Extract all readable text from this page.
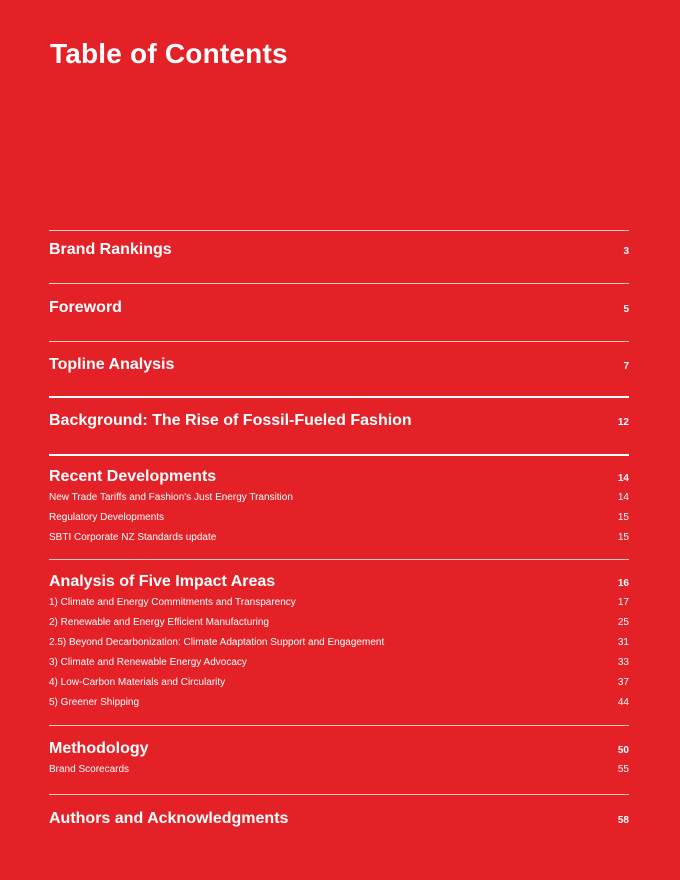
Table of Contents
Brand Rankings	3
Foreword	5
Topline Analysis	7
Background: The Rise of Fossil-Fueled Fashion	12
Recent Developments	14
New Trade Tariffs and Fashion's Just Energy Transition	14
Regulatory Developments	15
SBTI Corporate NZ Standards update	15
Analysis of Five Impact Areas	16
1) Climate and Energy Commitments and Transparency	17
2) Renewable and Energy Efficient Manufacturing	25
2.5) Beyond Decarbonization: Climate Adaptation Support and Engagement	31
3) Climate and Renewable Energy Advocacy	33
4) Low-Carbon Materials and Circularity	37
5) Greener Shipping	44
Methodology	50
Brand Scorecards	55
Authors and Acknowledgments	58
